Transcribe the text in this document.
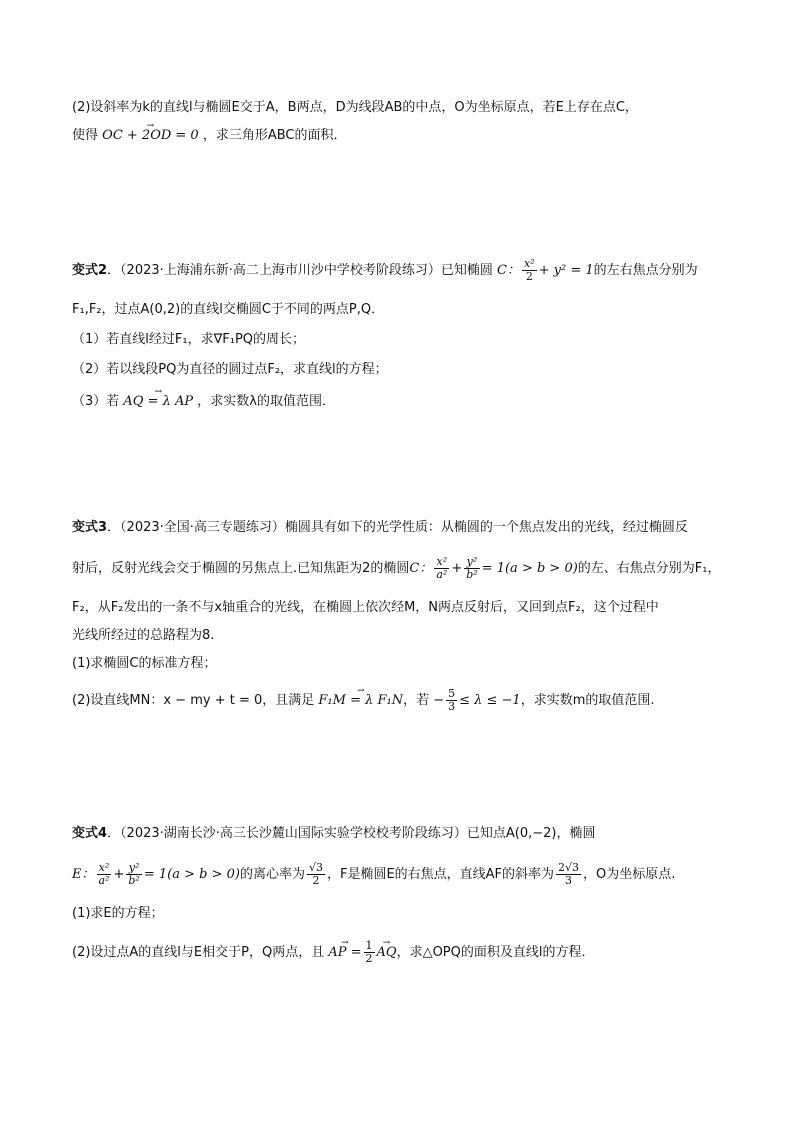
(2)设斜率为k的直线l与椭圆E交于A，B两点，D为线段AB的中点，O为坐标原点，若E上存在点C，
使得 → OC + 2OD = 0 ，求三角形ABC的面积．
变式2．（2023·上海浦东新·高二上海市川沙中学校考阶段练习）已知椭圆 C： $\frac{\text{x²}}{2} + y^2 = 1$的左右焦点分别为
F₁,F₂，过点A(0,2)的直线l交椭圆C于不同的两点P,Q．
（1）若直线l经过F₁，求∇F₁PQ的周长；
（2）若以线段PQ为直径的圆过点F₂，求直线l的方程；
（3）若 → AQ = λ AP ，求实数λ的取值范围．
变式3．（2023·全国·高三专题练习）椭圆具有如下的光学性质：从椭圆的一个焦点发出的光线，经过椭圆反
射后，反射光线会交于椭圆的另焦点上.已知焦距为2的椭圆C： $\frac{\text{x²}}{\text{a²}} + \frac{\text{y²}}{\text{b²}} = 1(a > b > 0)$的左、右焦点分别为F₁，
F₂，从F₂发出的一条不与x轴重合的光线，在椭圆上依次经M，N两点反射后，又回到点F₂，这个过程中
光线所经过的总路程为8.
(1)求椭圆C的标准方程；
(2)设直线MN：x − my + t = 0，且满足 → F₁M = λ F₁N，若 − $\frac{5}{3} \le \lambda \le -1$，求实数m的取值范围.
变式4．（2023·湖南长沙·高三长沙麓山国际实验学校校考阶段练习）已知点A(0,−2)，椭圆
E： $\frac{\text{x²}}{\text{a²}} + \frac{\text{y²}}{\text{b²}} = 1(a > b > 0)$的离心率为 $\frac{√3}{2}$ ，F是椭圆E的右焦点，直线AF的斜率为 $\frac{2√3}{3}$ ，O为坐标原点.
(1)求E的方程；
(2)设过点A的直线l与E相交于P，Q两点，且 → AP = $\frac{1}{2}$ → AQ，求△OPQ的面积及直线l的方程．
